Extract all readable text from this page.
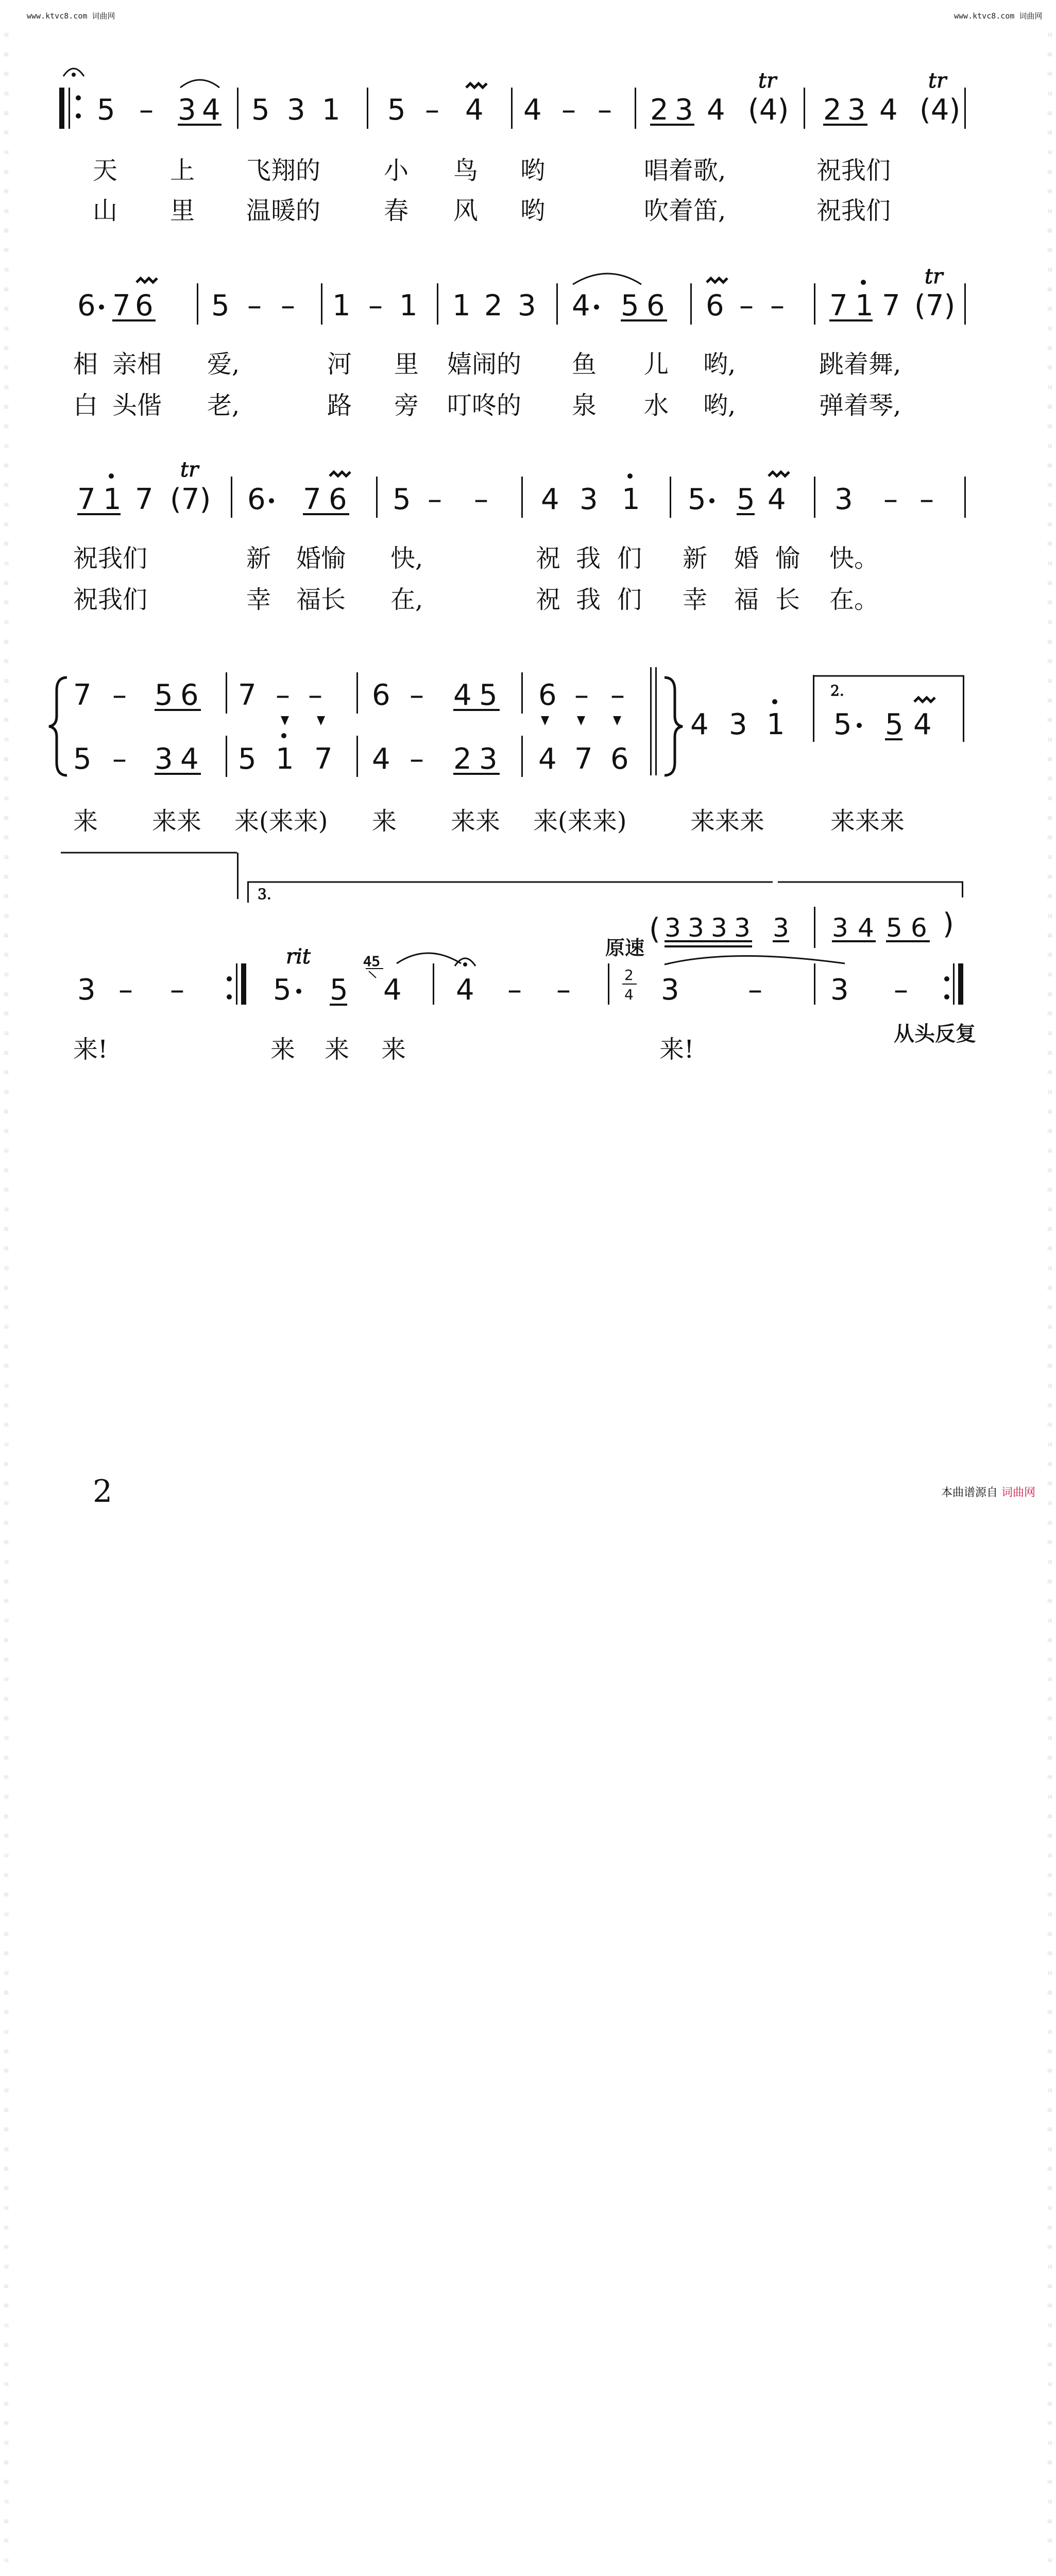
www.ktvc8.com 词曲网	www.ktvc8.com 词曲网
词曲网
词曲网
词曲网
词曲网
词曲网
词曲网
词曲网
词曲网
词曲网
词曲网
词曲网
词曲网
词曲网
词曲网
词曲网
词曲网
词曲网
词曲网
词曲网
词曲网
词曲网
词曲网
词曲网
词曲网
词曲网
词曲网
词曲网
词曲网
词曲网
词曲网
词曲网
词曲网
词曲网
词曲网
词曲网
词曲网
词曲网
词曲网
词曲网
词曲网
词曲网
词曲网
词曲网
词

词曲网
词曲网
词曲网
词曲网
词曲网
词曲网
词曲网
词曲网
词曲网
词曲网
词曲网
词曲网
词曲网
词曲网
词曲网
词曲网
词曲网
词曲网
词曲网
词曲网
词曲网
词曲网
词曲网
词曲网
词曲网
词曲网
词曲网
词曲网
词曲网
词曲网
词曲网
词曲网
词曲网
词曲网
词曲网
词曲网
词曲网
词曲网
词曲网
词曲网
词曲网
词曲网
词曲网
词

5 – 3 4 5 3 1 5 – 4 4 – – 2 3 4 (4) 2 3 4 (4)
tr	tr
6 7 6 5 – – 1 – 1 1 2 3 4 5 6 6 – – 7 1 7 (7)
tr
7 1 7 (7) 6 7 6 5 – – 4 3 1 5 5 4 3 – –
tr
7 – 5 6 7 – – 6 – 4 5 6 – –
5 – 3 4 5 1 7 4 – 2 3 4 7 6
4 3 1 5 5 4
2.
( 3 3 3 3 3 3 4 5 6 )
3 – –	5 5 4 4 – –	2
4 3 – 3 –
3.
原速
rit	45
从头反复
天 上 飞翔的	小 鸟 哟	唱着歌,	祝我们
山 里 温暖的	春 风 哟	吹着笛,	祝我们
相 亲相 爱,	河 里 嬉闹的 鱼 儿 哟,	跳着舞,
白 头偕 老,	路 旁 叮咚的 泉 水 哟,	弹着琴,
祝我们	新 婚愉 快,	祝 我 们 新 婚 愉 快。
祝我们	幸 福长 在,	祝 我 们 幸 福 长 在。
来 来来 来(来来) 来 来来 来(来来)	来来来	来来来
来!	来 来 来	来!
2	本曲谱源自 词曲网
